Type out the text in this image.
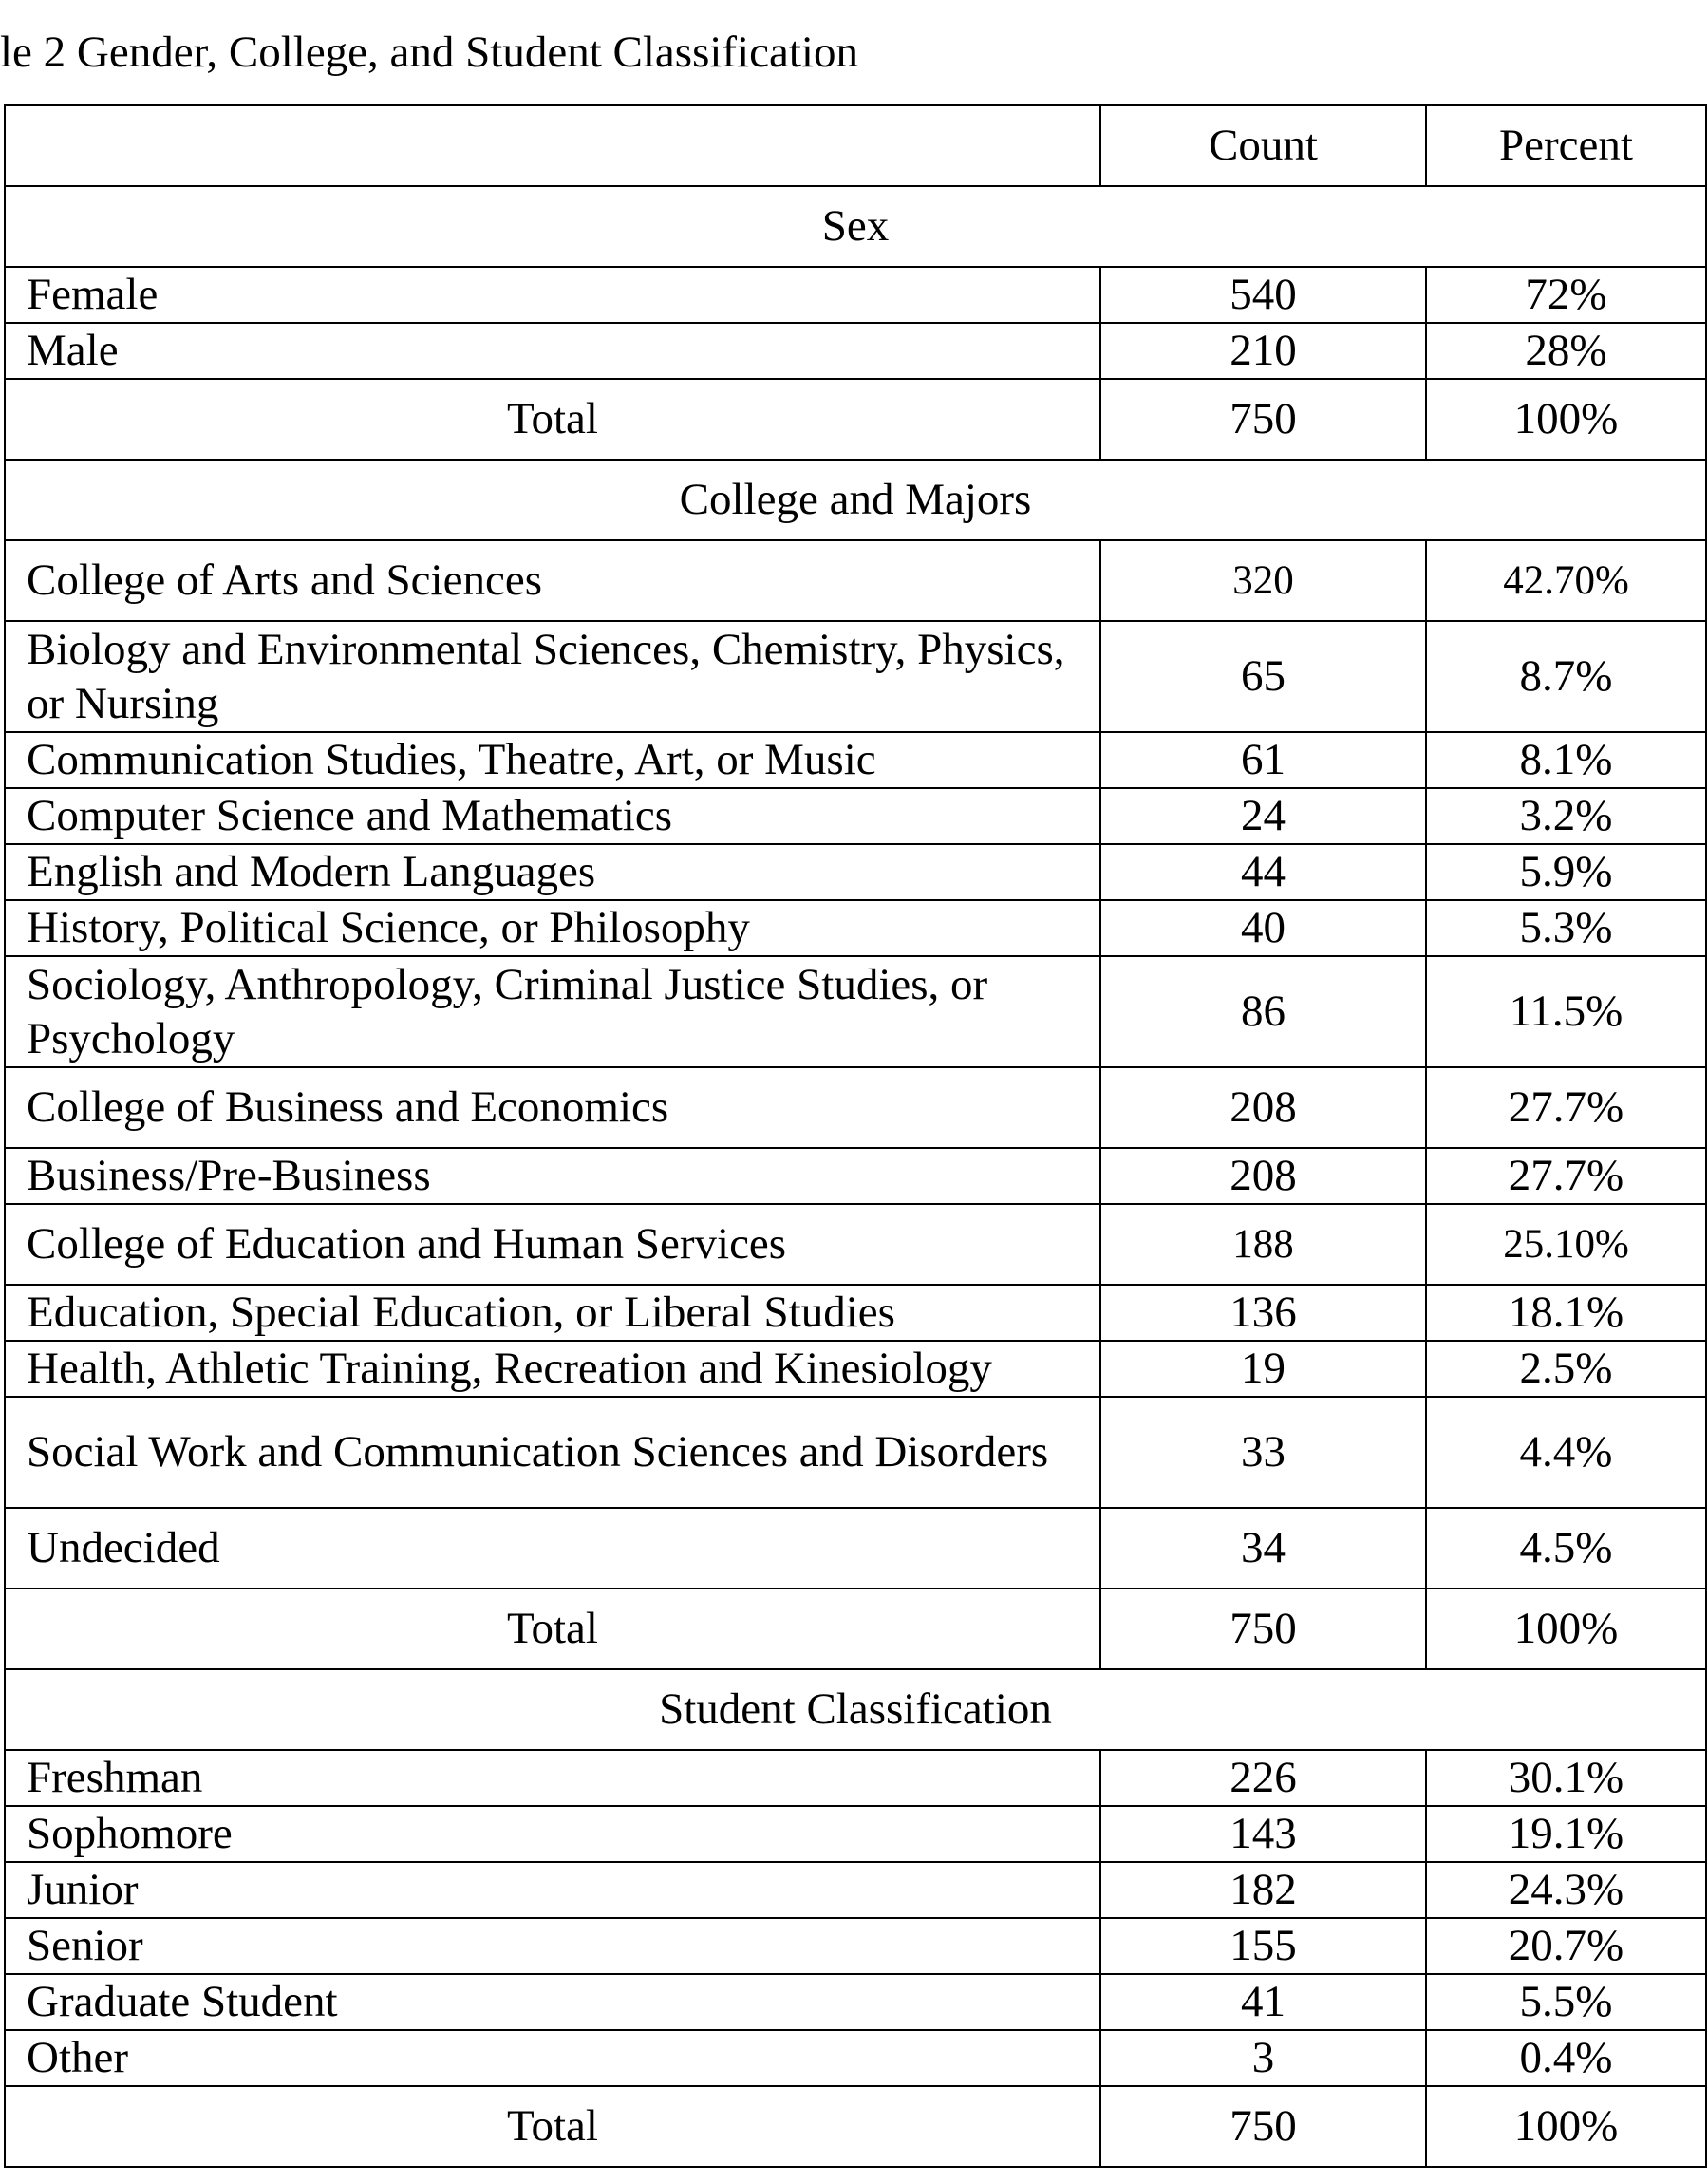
le 2 Gender, College, and Student Classification
	Count	Percent
Sex		
Female	540	72%
Male	210	28%
Total	750	100%
College and Majors		
College of Arts and Sciences	320	42.70%
Biology and Environmental Sciences, Chemistry, Physics, or Nursing	65	8.7%
Communication Studies, Theatre, Art, or Music	61	8.1%
Computer Science and Mathematics	24	3.2%
English and Modern Languages	44	5.9%
History, Political Science, or Philosophy	40	5.3%
Sociology, Anthropology, Criminal Justice Studies, or Psychology	86	11.5%
College of Business and Economics	208	27.7%
Business/Pre-Business	208	27.7%
College of Education and Human Services	188	25.10%
Education, Special Education, or Liberal Studies	136	18.1%
Health, Athletic Training, Recreation and Kinesiology	19	2.5%
Social Work and Communication Sciences and Disorders	33	4.4%
Undecided	34	4.5%
Total	750	100%
Student Classification		
Freshman	226	30.1%
Sophomore	143	19.1%
Junior	182	24.3%
Senior	155	20.7%
Graduate Student	41	5.5%
Other	3	0.4%
Total	750	100%
